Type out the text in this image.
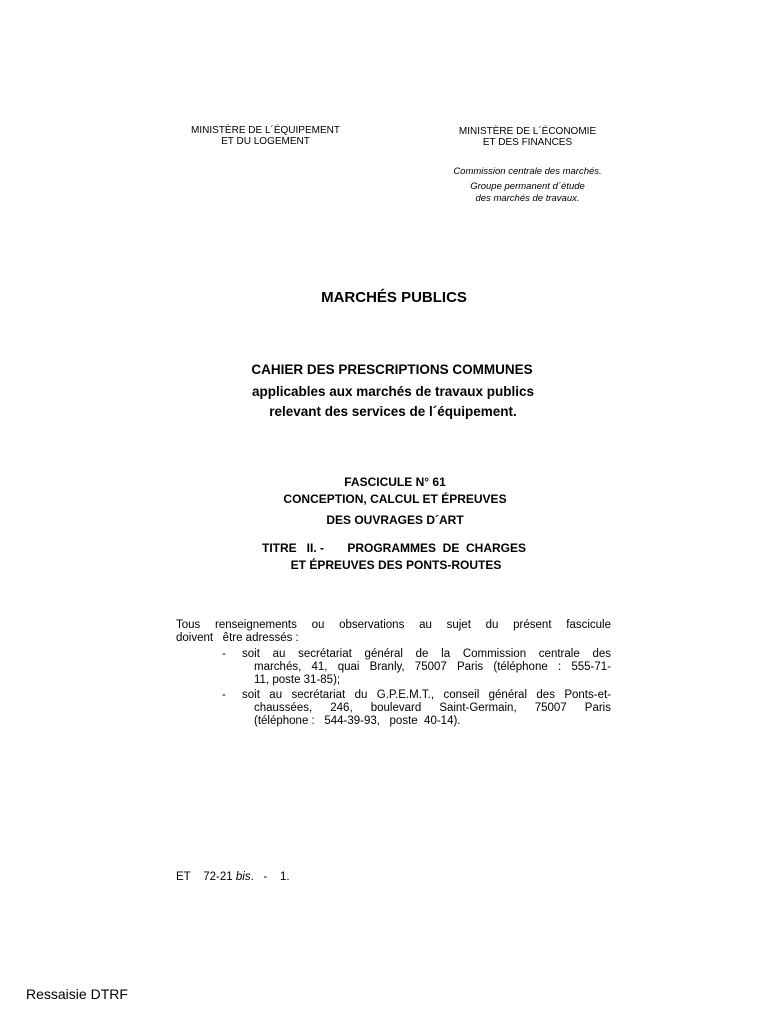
MINISTÈRE DE L´ÉQUIPEMENT
ET DU LOGEMENT
MINISTÈRE DE L´ÉCONOMIE
ET DES FINANCES
Commission centrale des marchés.
Groupe permanent d´étude
des marchés de travaux.
MARCHÉS PUBLICS
CAHIER DES PRESCRIPTIONS COMMUNES
applicables aux marchés de travaux publics
relevant des services de l´équipement.
FASCICULE N° 61
CONCEPTION, CALCUL ET ÉPREUVES
DES OUVRAGES D´ART
TITRE   II. -       PROGRAMMES  DE  CHARGES
ET ÉPREUVES DES PONTS-ROUTES
Tous renseignements ou observations au sujet du présent fascicule
doivent   être adressés :
- soit au secrétariat général de la Commission centrale des
marchés, 41, quai Branly, 75007 Paris (téléphone : 555-71-
11, poste 31-85);
- soit au secrétariat du G.P.E.M.T., conseil général des Ponts-et-
chaussées, 246, boulevard Saint-Germain, 75007 Paris
(téléphone :   544-39-93,   poste  40-14).
ET    72-21 bis.   -    1.
Ressaisie DTRF
